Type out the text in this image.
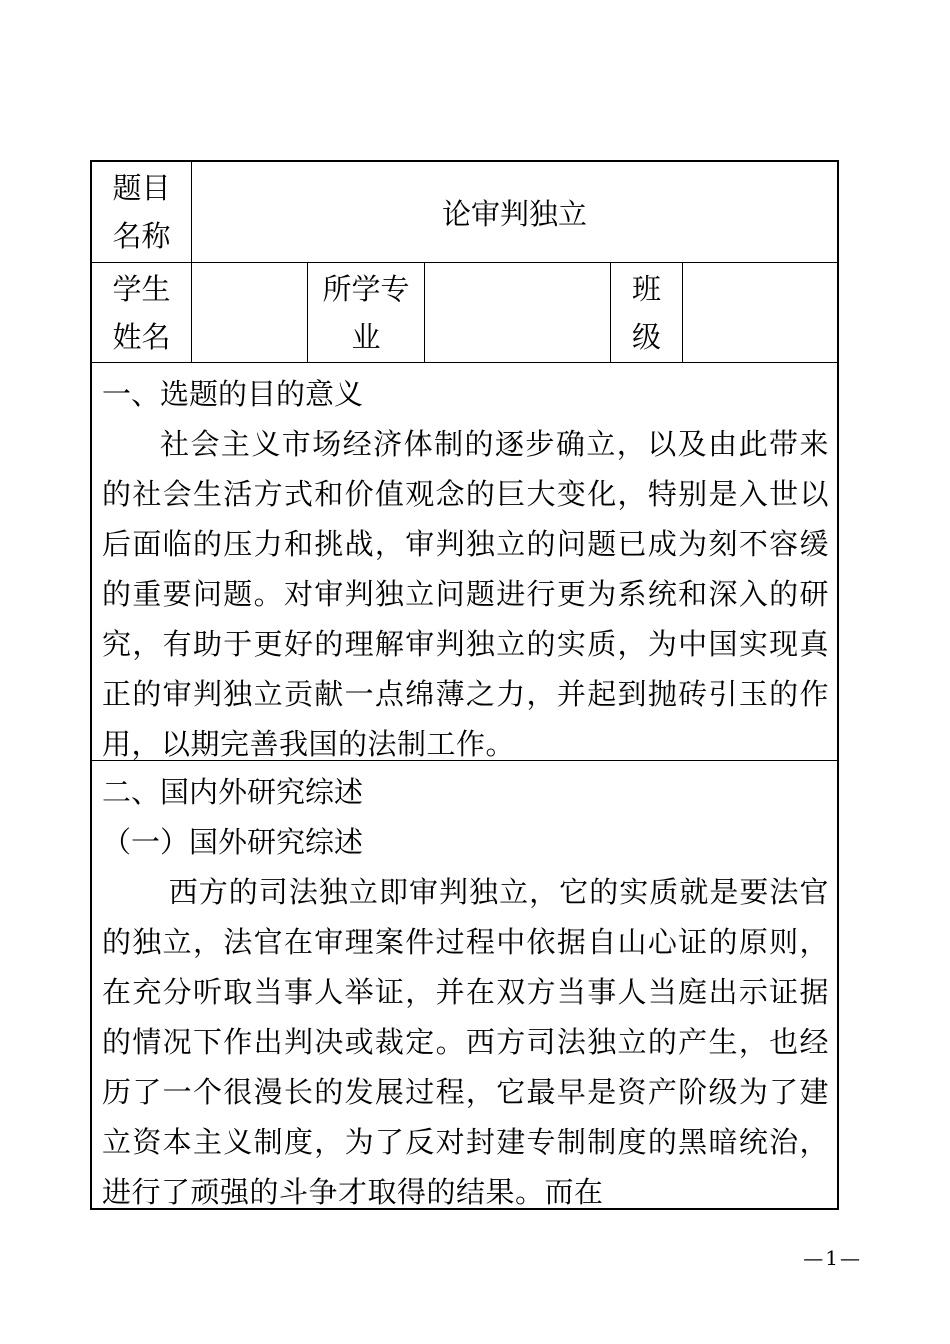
题目
名称
论审判独立
学生
姓名
所学专
业
班
级
一、选题的目的意义
社会主义市场经济体制的逐步确立，以及由此带来的社会生活方式和价值观念的巨大变化，特别是入世以后面临的压力和挑战，审判独立的问题已成为刻不容缓的重要问题。对审判独立问题进行更为系统和深入的研究，有助于更好的理解审判独立的实质，为中国实现真正的审判独立贡献一点绵薄之力，并起到抛砖引玉的作用，以期完善我国的法制工作。
二、国内外研究综述
（一）国外研究综述
西方的司法独立即审判独立，它的实质就是要法官的独立，法官在审理案件过程中依据自山心证的原则，在充分听取当事人举证，并在双方当事人当庭出示证据的情况下作出判决或裁定。西方司法独立的产生，也经历了一个很漫长的发展过程，它最早是资产阶级为了建立资本主义制度，为了反对封建专制制度的黑暗统治，进行了顽强的斗争才取得的结果。而在
—1—
